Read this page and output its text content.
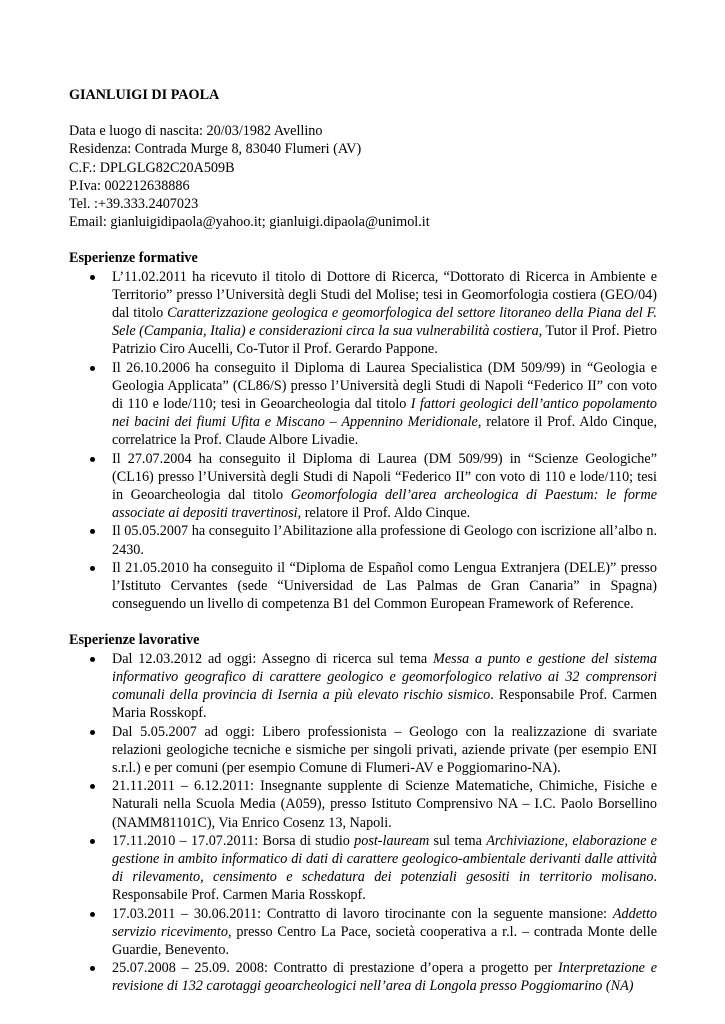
GIANLUIGI DI PAOLA
Data e luogo di nascita: 20/03/1982 Avellino
Residenza: Contrada Murge 8, 83040 Flumeri (AV)
C.F.: DPLGLG82C20A509B
P.Iva: 002212638886
Tel. :+39.333.2407023
Email: gianluigidipaola@yahoo.it; gianluigi.dipaola@unimol.it
Esperienze formative
L’11.02.2011 ha ricevuto il titolo di Dottore di Ricerca, “Dottorato di Ricerca in Ambiente e Territorio” presso l’Università degli Studi del Molise; tesi in Geomorfologia costiera (GEO/04) dal titolo Caratterizzazione geologica e geomorfologica del settore litoraneo della Piana del F. Sele (Campania, Italia) e considerazioni circa la sua vulnerabilità costiera, Tutor il Prof. Pietro Patrizio Ciro Aucelli, Co-Tutor il Prof. Gerardo Pappone.
Il 26.10.2006 ha conseguito il Diploma di Laurea Specialistica (DM 509/99) in “Geologia e Geologia Applicata” (CL86/S) presso l’Università degli Studi di Napoli “Federico II” con voto di 110 e lode/110; tesi in Geoarcheologia dal titolo I fattori geologici dell’antico popolamento nei bacini dei fiumi Ufita e Miscano – Appennino Meridionale, relatore il Prof. Aldo Cinque, correlatrice la Prof. Claude Albore Livadie.
Il 27.07.2004 ha conseguito il Diploma di Laurea (DM 509/99) in “Scienze Geologiche” (CL16) presso l’Università degli Studi di Napoli “Federico II” con voto di 110 e lode/110; tesi in Geoarcheologia dal titolo Geomorfologia dell’area archeologica di Paestum: le forme associate ai depositi travertinosi, relatore il Prof. Aldo Cinque.
Il 05.05.2007 ha conseguito l’Abilitazione alla professione di Geologo con iscrizione all’albo n. 2430.
Il 21.05.2010 ha conseguito il “Diploma de Español como Lengua Extranjera (DELE)” presso l’Istituto Cervantes (sede “Universidad de Las Palmas de Gran Canaria” in Spagna) conseguendo un livello di competenza B1 del Common European Framework of Reference.
Esperienze lavorative
Dal 12.03.2012 ad oggi: Assegno di ricerca sul tema Messa a punto e gestione del sistema informativo geografico di carattere geologico e geomorfologico relativo ai 32 comprensori comunali della provincia di Isernia a più elevato rischio sismico. Responsabile Prof. Carmen Maria Rosskopf.
Dal 5.05.2007 ad oggi: Libero professionista – Geologo con la realizzazione di svariate relazioni geologiche tecniche e sismiche per singoli privati, aziende private (per esempio ENI s.r.l.) e per comuni (per esempio Comune di Flumeri-AV e Poggiomarino-NA).
21.11.2011 – 6.12.2011: Insegnante supplente di Scienze Matematiche, Chimiche, Fisiche e Naturali nella Scuola Media (A059), presso Istituto Comprensivo NA – I.C. Paolo Borsellino (NAMM81101C), Via Enrico Cosenz 13, Napoli.
17.11.2010 – 17.07.2011: Borsa di studio post-lauream sul tema Archiviazione, elaborazione e gestione in ambito informatico di dati di carattere geologico-ambientale derivanti dalle attività di rilevamento, censimento e schedatura dei potenziali gesositi in territorio molisano. Responsabile Prof. Carmen Maria Rosskopf.
17.03.2011 – 30.06.2011: Contratto di lavoro tirocinante con la seguente mansione: Addetto servizio ricevimento, presso Centro La Pace, società cooperativa a r.l. – contrada Monte delle Guardie, Benevento.
25.07.2008 – 25.09. 2008: Contratto di prestazione d’opera a progetto per Interpretazione e revisione di 132 carotaggi geoarcheologici nell’area di Longola presso Poggiomarino (NA)
